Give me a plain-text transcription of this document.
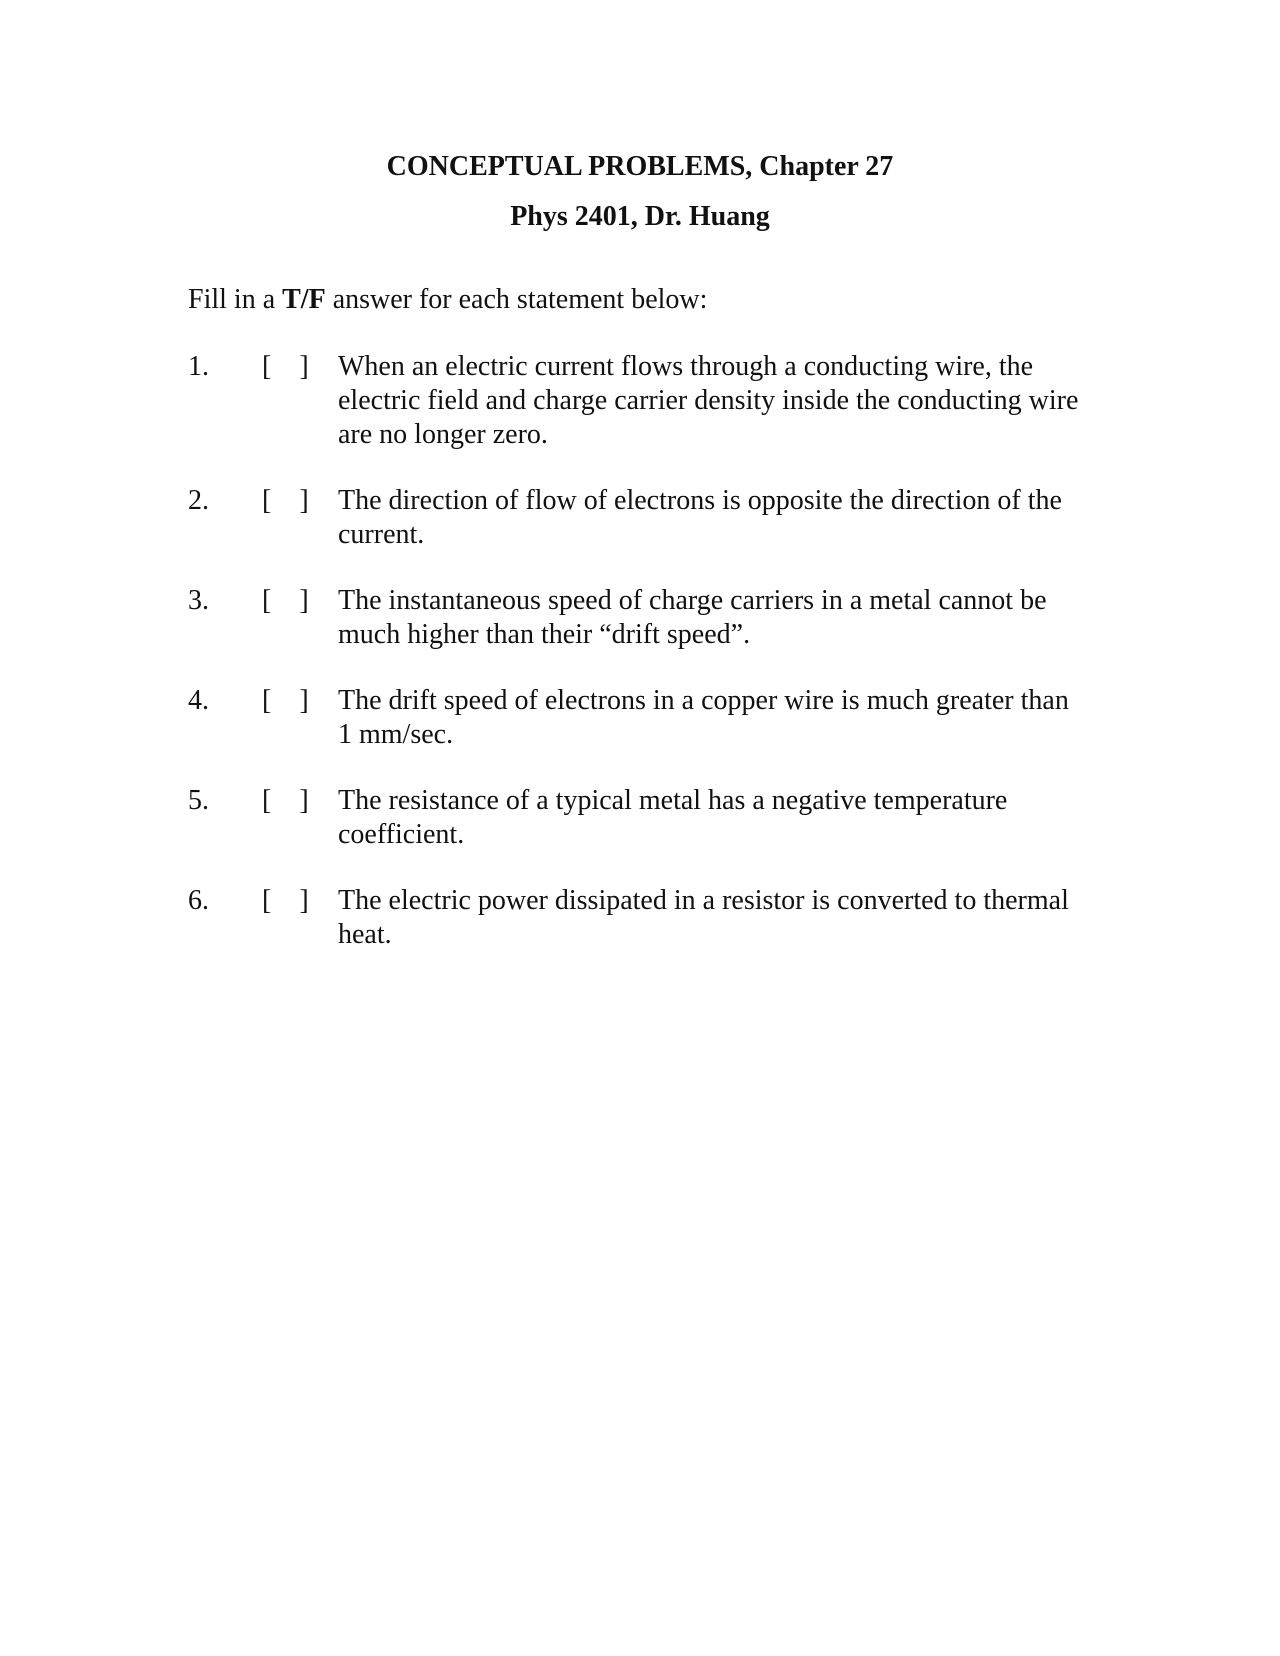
CONCEPTUAL PROBLEMS, Chapter 27
Phys 2401, Dr. Huang
Fill in a T/F answer for each statement below:
1.	[    ]	When an electric current flows through a conducting wire, the electric field and charge carrier density inside the conducting wire are no longer zero.
2.	[    ]	The direction of flow of electrons is opposite the direction of the current.
3.	[    ]	The instantaneous speed of charge carriers in a metal cannot be much higher than their “drift speed”.
4.	[    ]	The drift speed of electrons in a copper wire is much greater than 1 mm/sec.
5.	[    ]	The resistance of a typical metal has a negative temperature coefficient.
6.	[    ]	The electric power dissipated in a resistor is converted to thermal heat.
